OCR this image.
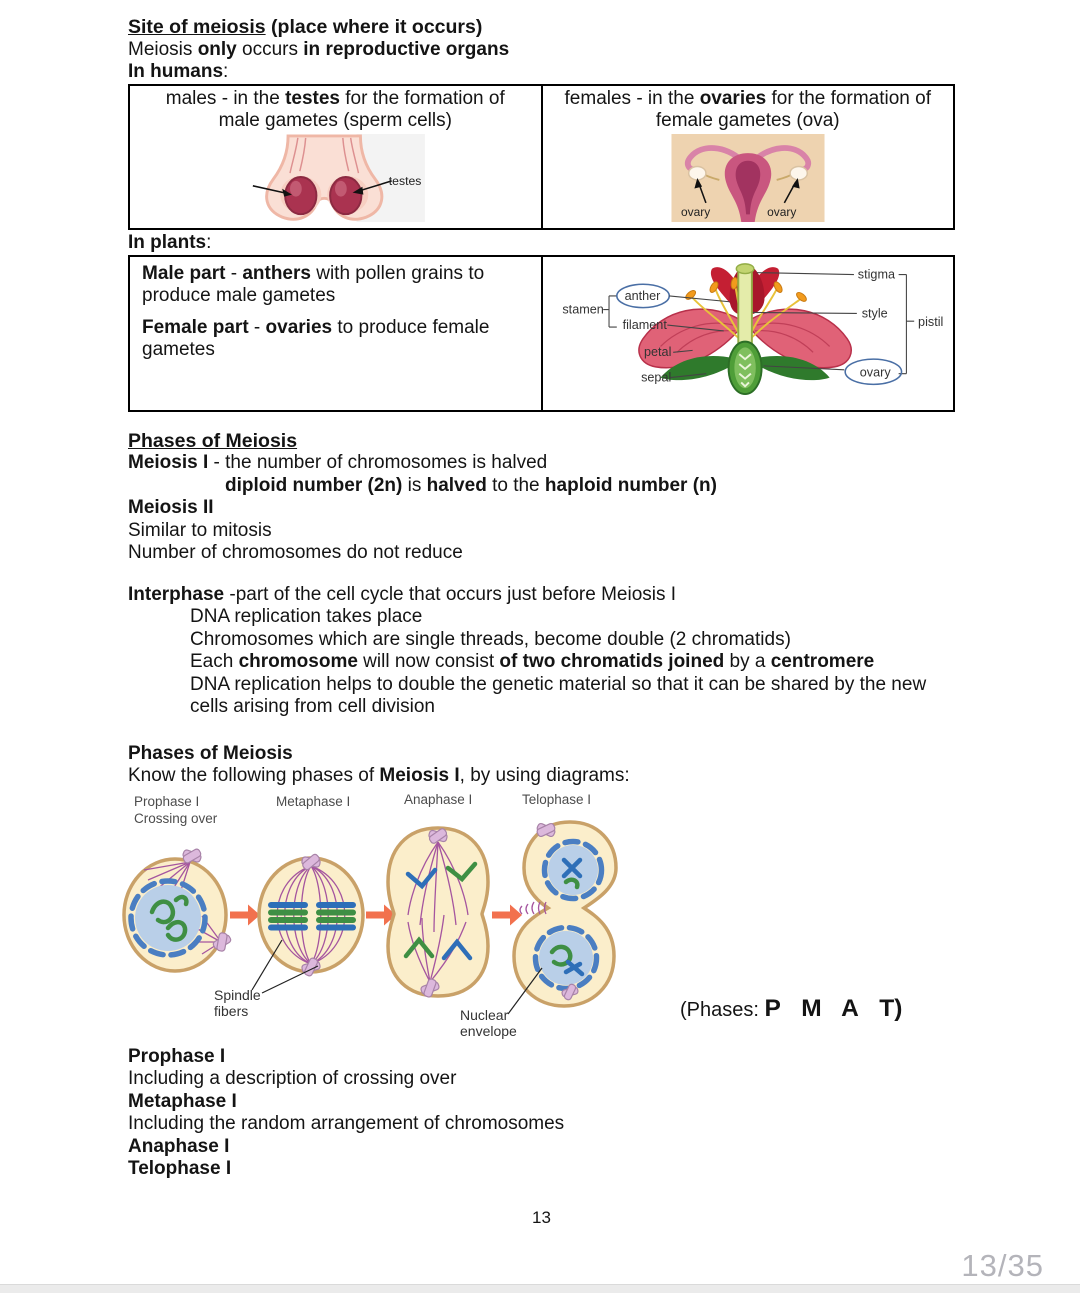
Site of meiosis (place where it occurs)
Meiosis only occurs in reproductive organs
In humans:
males - in the testes for the formation of male gametes (sperm cells)
testes

females - in the ovaries for the formation of female gametes (ova)
ovary	ovary
In plants:
Male part - anthers with pollen grains to produce male gametes
Female part - ovaries to produce female gametes

stamen
anther
filament
petal
sepal
stigma
style
pistil
ovary
Phases of Meiosis
Meiosis I - the number of chromosomes is halved
diploid number (2n) is halved to the haploid number (n)
Meiosis II
Similar to mitosis
Number of chromosomes do not reduce
Interphase -part of the cell cycle that occurs just before Meiosis I
DNA replication takes place
Chromosomes which are single threads, become double (2 chromatids)
Each chromosome will now consist of two chromatids joined by a centromere
DNA replication helps to double the genetic material so that it can be shared by the new cells arising from cell division
Phases of Meiosis
Know the following phases of Meiosis I, by using diagrams:
Prophase I
Crossing over
Metaphase I	Anaphase I	Telophase I
Spindle
fibers	Nuclear
envelope
(Phases: P   M   A   T)
Prophase I
Including a description of crossing over
Metaphase I
Including the random arrangement of chromosomes
Anaphase I
Telophase I
13
13/35
